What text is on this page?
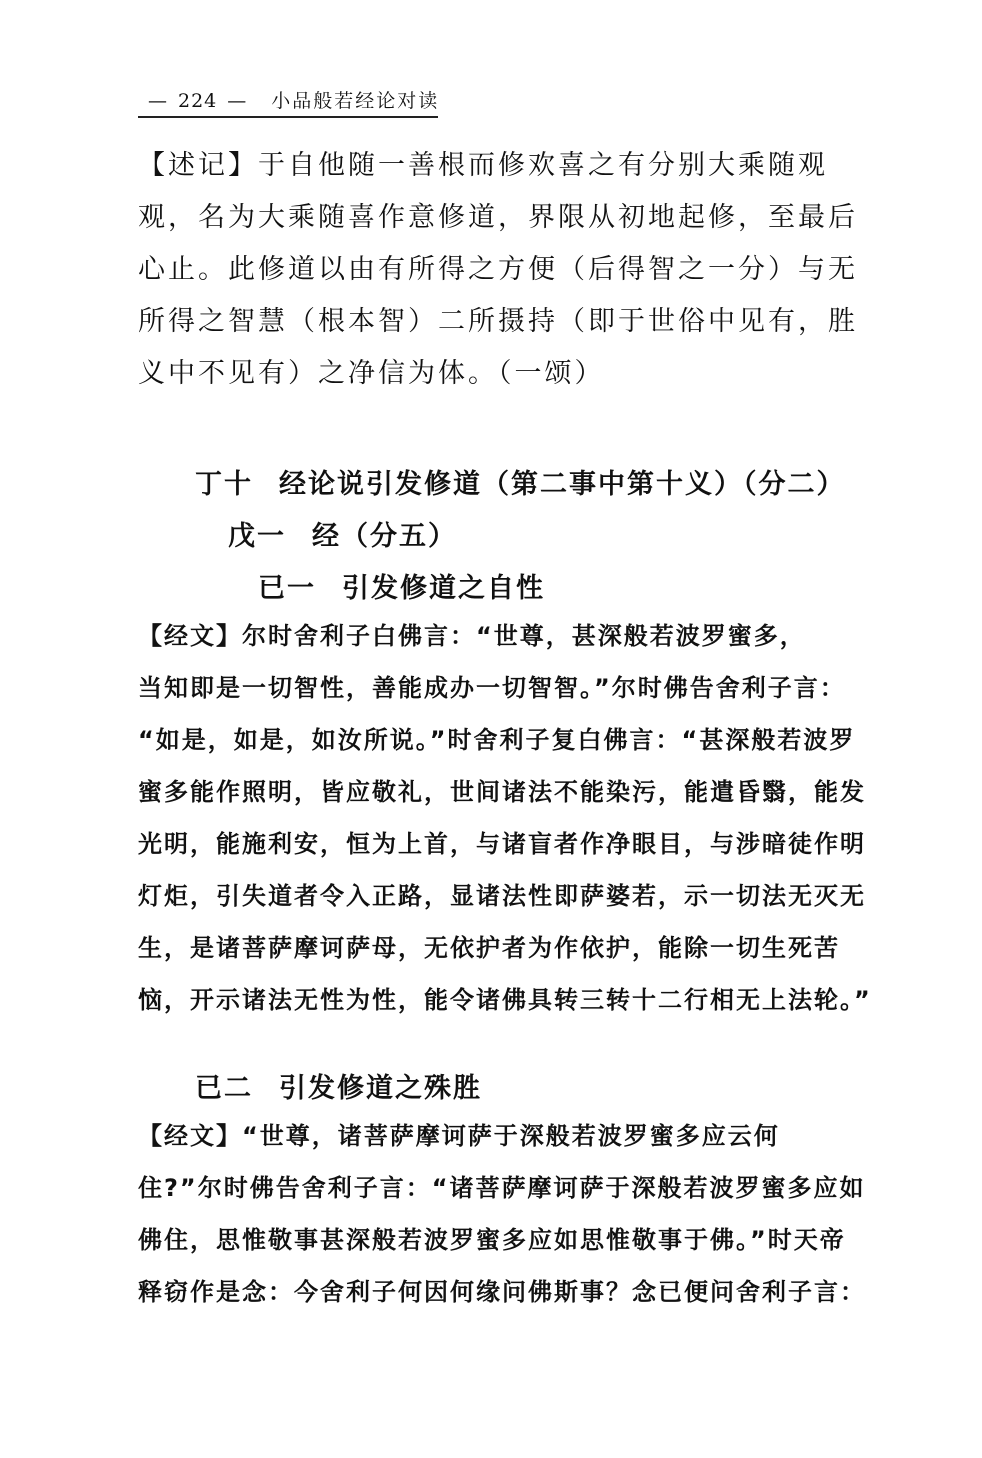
— 224 — 小品般若经论对读
【述记】于自他随一善根而修欢喜之有分别大乘随观
观，名为大乘随喜作意修道，界限从初地起修，至最后
心止。此修道以由有所得之方便（后得智之一分）与无
所得之智慧（根本智）二所摄持（即于世俗中见有，胜
义中不见有）之净信为体。（一颂）
丁十 经论说引发修道（第二事中第十义）（分二）
戊一 经（分五）
已一 引发修道之自性
【经文】尔时舍利子白佛言：“世尊，甚深般若波罗蜜多，
当知即是一切智性，善能成办一切智智。”尔时佛告舍利子言：
“如是，如是，如汝所说。”时舍利子复白佛言：“甚深般若波罗
蜜多能作照明，皆应敬礼，世间诸法不能染污，能遣昏翳，能发
光明，能施利安，恒为上首，与诸盲者作净眼目，与涉暗徒作明
灯炬，引失道者令入正路，显诸法性即萨婆若，示一切法无灭无
生，是诸菩萨摩诃萨母，无依护者为作依护，能除一切生死苦
恼，开示诸法无性为性，能令诸佛具转三转十二行相无上法轮。”
已二 引发修道之殊胜
【经文】“世尊，诸菩萨摩诃萨于深般若波罗蜜多应云何
住?”尔时佛告舍利子言：“诸菩萨摩诃萨于深般若波罗蜜多应如
佛住，思惟敬事甚深般若波罗蜜多应如思惟敬事于佛。”时天帝
释窃作是念：今舍利子何因何缘问佛斯事？念已便问舍利子言：
